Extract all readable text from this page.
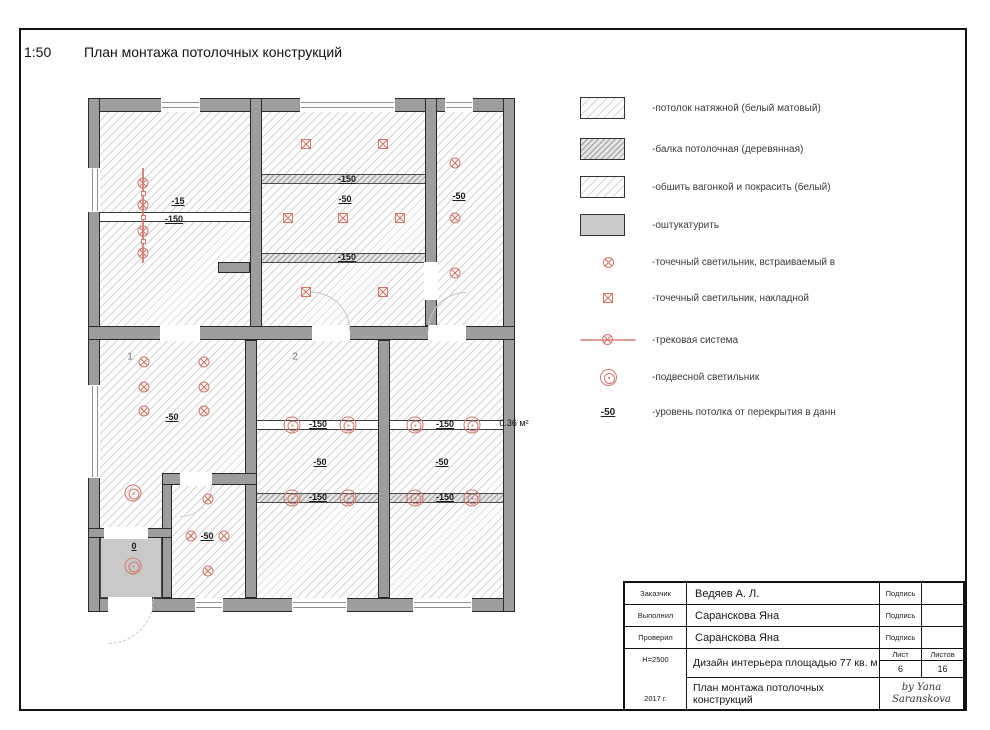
1:50 План монтажа потолочных конструкций
-15
-150
-150
-50
-150
-50
1	2
-50
0
-50
-150
-50
-150
-150
-50
-150
0.36 м²
-потолок натяжной (белый матовый)
-балка потолочная (деревянная)
-обшить вагонкой и покрасить (белый)
-оштукатурить
-точечный светильник, встраиваемый в
-точечный светильник, накладной
-трековая система
-подвесной светильник
-50	-уровень потолка от перекрытия в данн
Заказчик	Ведяев А. Л.	Подпись
Выполнил	Саранскова Яна	Подпись
Проверил	Саранскова Яна	Подпись
Н=2500
2017 г.
Дизайн интерьера площадью 77 кв. м
Лист	Листов
6	16
План монтажа потолочных конструкций
by Yana
Saranskova
